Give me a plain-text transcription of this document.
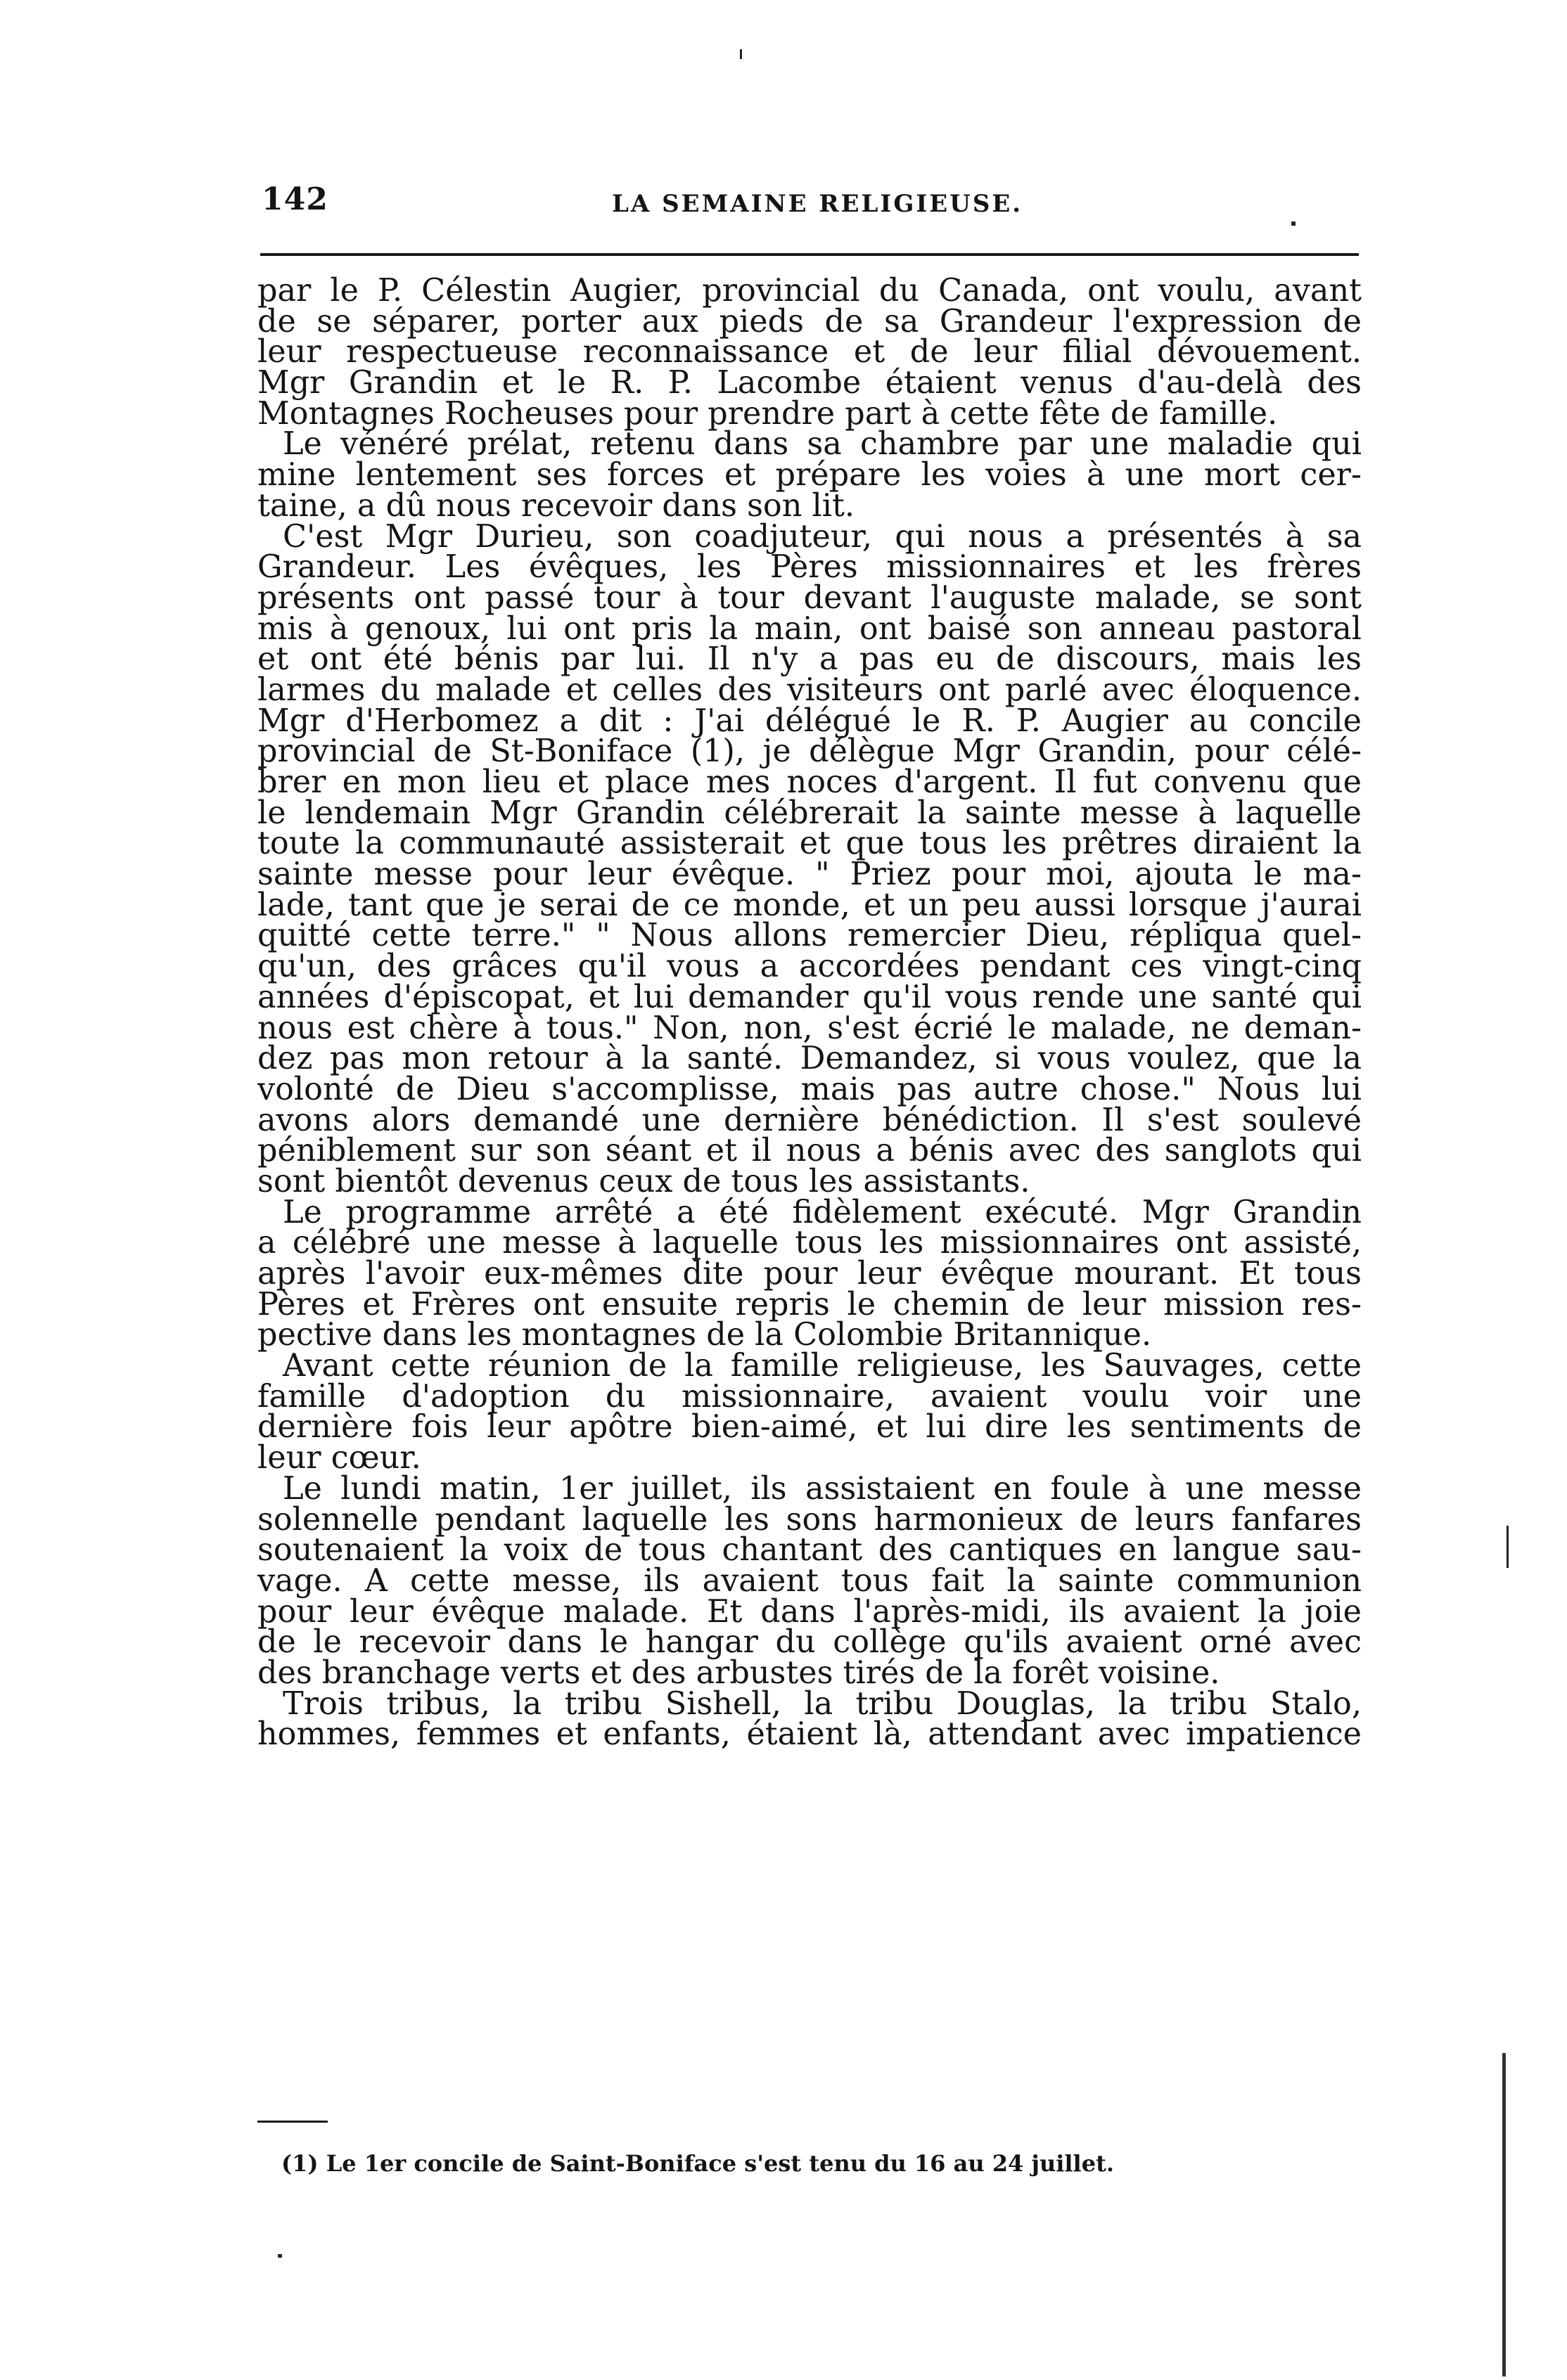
142	LA SEMAINE RELIGIEUSE.
par le P. Célestin Augier, provincial du Canada, ont voulu, avant
de se séparer, porter aux pieds de sa Grandeur l'expression de
leur respectueuse reconnaissance et de leur filial dévouement.
Mgr Grandin et le R. P. Lacombe étaient venus d'au-delà des
Montagnes Rocheuses pour prendre part à cette fête de famille.
Le vénéré prélat, retenu dans sa chambre par une maladie qui
mine lentement ses forces et prépare les voies à une mort cer-
taine, a dû nous recevoir dans son lit.
C'est Mgr Durieu, son coadjuteur, qui nous a présentés à sa
Grandeur. Les évêques, les Pères missionnaires et les frères
présents ont passé tour à tour devant l'auguste malade, se sont
mis à genoux, lui ont pris la main, ont baisé son anneau pastoral
et ont été bénis par lui. Il n'y a pas eu de discours, mais les
larmes du malade et celles des visiteurs ont parlé avec éloquence.
Mgr d'Herbomez a dit : J'ai délégué le R. P. Augier au concile
provincial de St-Boniface (1), je délègue Mgr Grandin, pour célé-
brer en mon lieu et place mes noces d'argent. Il fut convenu que
le lendemain Mgr Grandin célébrerait la sainte messe à laquelle
toute la communauté assisterait et que tous les prêtres diraient la
sainte messe pour leur évêque. " Priez pour moi, ajouta le ma-
lade, tant que je serai de ce monde, et un peu aussi lorsque j'aurai
quitté cette terre." " Nous allons remercier Dieu, répliqua quel-
qu'un, des grâces qu'il vous a accordées pendant ces vingt-cinq
années d'épiscopat, et lui demander qu'il vous rende une santé qui
nous est chère à tous." Non, non, s'est écrié le malade, ne deman-
dez pas mon retour à la santé. Demandez, si vous voulez, que la
volonté de Dieu s'accomplisse, mais pas autre chose." Nous lui
avons alors demandé une dernière bénédiction. Il s'est soulevé
péniblement sur son séant et il nous a bénis avec des sanglots qui
sont bientôt devenus ceux de tous les assistants.
Le programme arrêté a été fidèlement exécuté. Mgr Grandin
a célébré une messe à laquelle tous les missionnaires ont assisté,
après l'avoir eux-mêmes dite pour leur évêque mourant. Et tous
Pères et Frères ont ensuite repris le chemin de leur mission res-
pective dans les montagnes de la Colombie Britannique.
Avant cette réunion de la famille religieuse, les Sauvages, cette
famille d'adoption du missionnaire, avaient voulu voir une
dernière fois leur apôtre bien-aimé, et lui dire les sentiments de
leur cœur.
Le lundi matin, 1er juillet, ils assistaient en foule à une messe
solennelle pendant laquelle les sons harmonieux de leurs fanfares
soutenaient la voix de tous chantant des cantiques en langue sau-
vage. A cette messe, ils avaient tous fait la sainte communion
pour leur évêque malade. Et dans l'après-midi, ils avaient la joie
de le recevoir dans le hangar du collège qu'ils avaient orné avec
des branchage verts et des arbustes tirés de la forêt voisine.
Trois tribus, la tribu Sishell, la tribu Douglas, la tribu Stalo,
hommes, femmes et enfants, étaient là, attendant avec impatience
(1) Le 1er concile de Saint-Boniface s'est tenu du 16 au 24 juillet.
